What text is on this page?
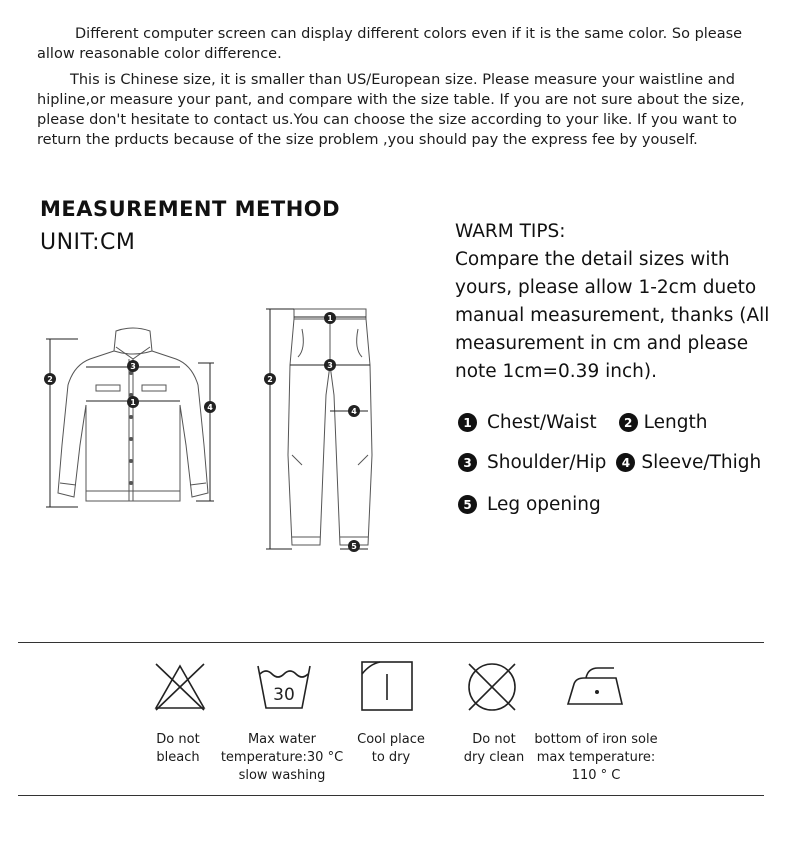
Different computer screen can display different colors even if it is the same color. So please allow reasonable color difference.
This is Chinese size, it is smaller than US/European size. Please measure your waistline and hipline,or measure your pant, and compare with the size table. If you are not sure about the size, please don't hesitate to contact us.You can choose the size according to your like. If you want to return the prducts because of the size problem ,you should pay the express fee by youself.
MEASUREMENT METHOD
UNIT:CM
1
2
3
4
1
2
3
4
5
WARM TIPS:
Compare the detail sizes with yours, please allow 1-2cm dueto manual measurement, thanks (All measurement in cm and please note 1cm=0.39 inch).
1 Chest/Waist	2 Length
3 Shoulder/Hip	4 Sleeve/Thigh
5 Leg opening
Do not
bleach
30
Max water
temperature:30 °C
slow washing
Cool place
to dry
Do not
dry clean
bottom of iron sole
max temperature:
110 ° C
